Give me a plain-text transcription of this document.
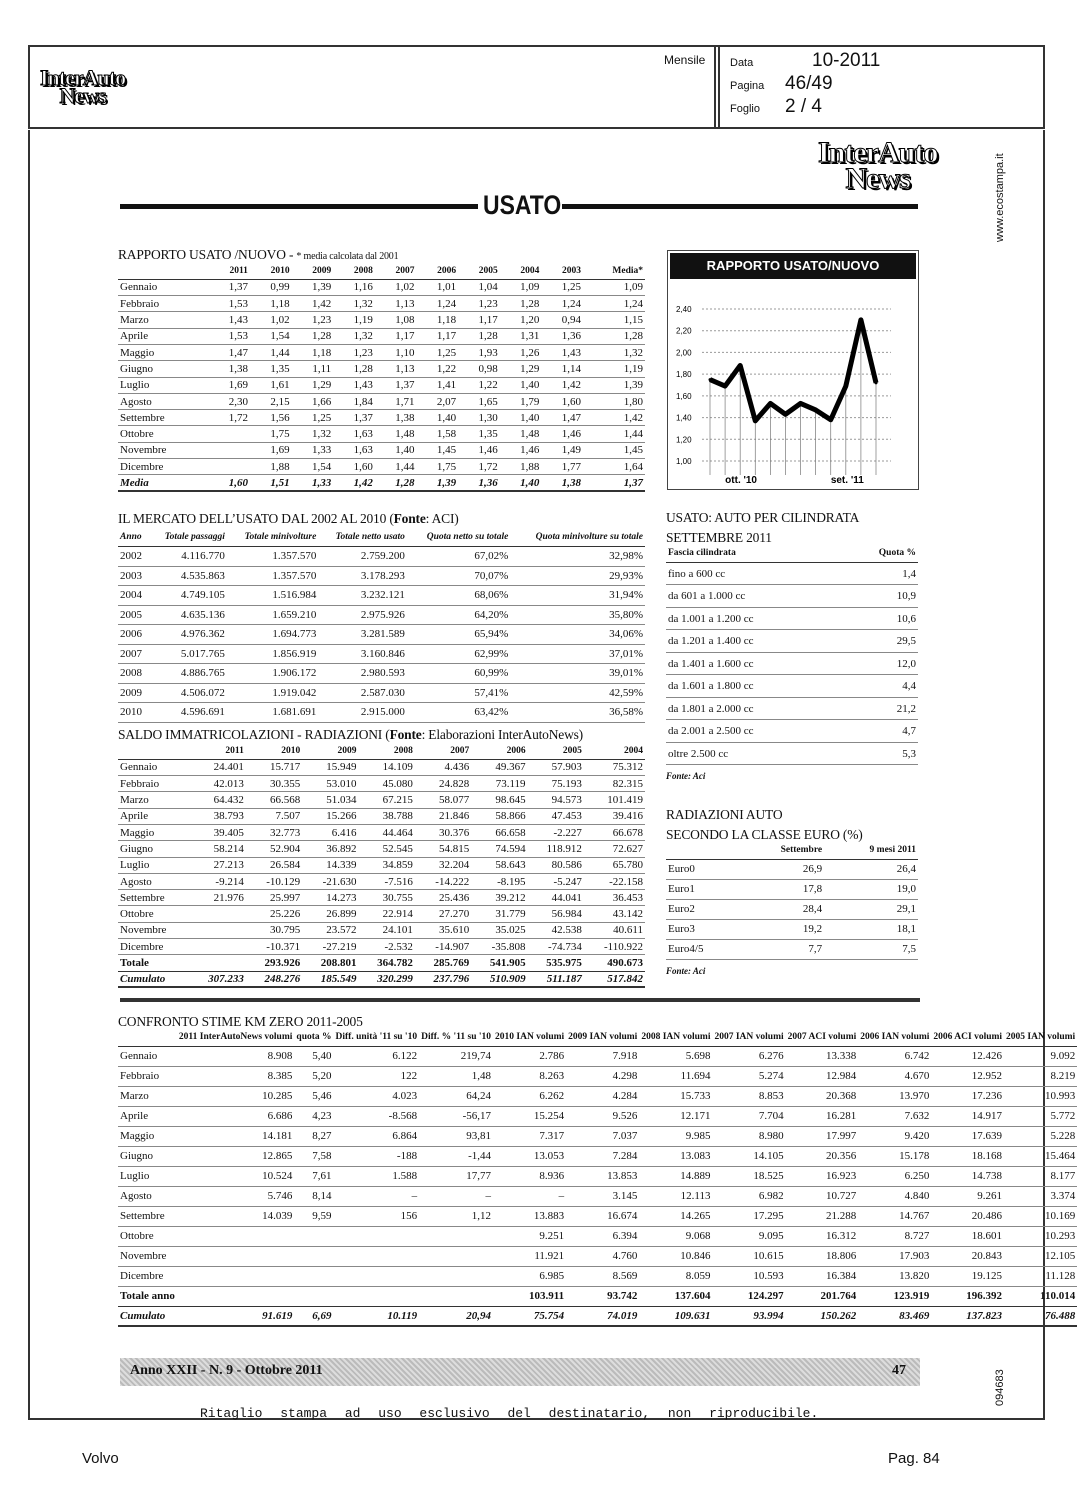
InterAuto
News
Mensile Data	10-2011
Pagina 46/49
Foglio 2 / 4
InterAuto
News
USATO
RAPPORTO USATO /NUOVO - * media calcolata dal 2001
	2011	2010	2009	2008	2007	2006	2005	2004	2003	Media*
Gennaio	1,37	0,99	1,39	1,16	1,02	1,01	1,04	1,09	1,25	1,09
Febbraio	1,53	1,18	1,42	1,32	1,13	1,24	1,23	1,28	1,24	1,24
Marzo	1,43	1,02	1,23	1,19	1,08	1,18	1,17	1,20	0,94	1,15
Aprile	1,53	1,54	1,28	1,32	1,17	1,17	1,28	1,31	1,36	1,28
Maggio	1,47	1,44	1,18	1,23	1,10	1,25	1,93	1,26	1,43	1,32
Giugno	1,38	1,35	1,11	1,28	1,13	1,22	0,98	1,29	1,14	1,19
Luglio	1,69	1,61	1,29	1,43	1,37	1,41	1,22	1,40	1,42	1,39
Agosto	2,30	2,15	1,66	1,84	1,71	2,07	1,65	1,79	1,60	1,80
Settembre	1,72	1,56	1,25	1,37	1,38	1,40	1,30	1,40	1,47	1,42
Ottobre		1,75	1,32	1,63	1,48	1,58	1,35	1,48	1,46	1,44
Novembre		1,69	1,33	1,63	1,40	1,45	1,46	1,46	1,49	1,45
Dicembre		1,88	1,54	1,60	1,44	1,75	1,72	1,88	1,77	1,64
Media	1,60	1,51	1,33	1,42	1,28	1,39	1,36	1,40	1,38	1,37
RAPPORTO USATO/NUOVO
1,00
1,20
1,40
1,60
1,80
2,00
2,20
2,40
ott. '10	set. '11
IL MERCATO DELL’USATO DAL 2002 AL 2010 (Fonte: ACI)
Anno	Totale passaggi	Totale minivolture	Totale netto usato	Quota netto su totale	Quota minivolture su totale
2002	4.116.770	1.357.570	2.759.200	67,02%	32,98%
2003	4.535.863	1.357.570	3.178.293	70,07%	29,93%
2004	4.749.105	1.516.984	3.232.121	68,06%	31,94%
2005	4.635.136	1.659.210	2.975.926	64,20%	35,80%
2006	4.976.362	1.694.773	3.281.589	65,94%	34,06%
2007	5.017.765	1.856.919	3.160.846	62,99%	37,01%
2008	4.886.765	1.906.172	2.980.593	60,99%	39,01%
2009	4.506.072	1.919.042	2.587.030	57,41%	42,59%
2010	4.596.691	1.681.691	2.915.000	63,42%	36,58%
SALDO IMMATRICOLAZIONI - RADIAZIONI (Fonte: Elaborazioni InterAutoNews)
	2011	2010	2009	2008	2007	2006	2005	2004
Gennaio	24.401	15.717	15.949	14.109	4.436	49.367	57.903	75.312
Febbraio	42.013	30.355	53.010	45.080	24.828	73.119	75.193	82.315
Marzo	64.432	66.568	51.034	67.215	58.077	98.645	94.573	101.419
Aprile	38.793	7.507	15.266	38.788	21.846	58.866	47.453	39.416
Maggio	39.405	32.773	6.416	44.464	30.376	66.658	-2.227	66.678
Giugno	58.214	52.904	36.892	52.545	54.815	74.594	118.912	72.627
Luglio	27.213	26.584	14.339	34.859	32.204	58.643	80.586	65.780
Agosto	-9.214	-10.129	-21.630	-7.516	-14.222	-8.195	-5.247	-22.158
Settembre	21.976	25.997	14.273	30.755	25.436	39.212	44.041	36.453
Ottobre		25.226	26.899	22.914	27.270	31.779	56.984	43.142
Novembre		30.795	23.572	24.101	35.610	35.025	42.538	40.611
Dicembre		-10.371	-27.219	-2.532	-14.907	-35.808	-74.734	-110.922
Totale		293.926	208.801	364.782	285.769	541.905	535.975	490.673
Cumulato	307.233	248.276	185.549	320.299	237.796	510.909	511.187	517.842
USATO: AUTO PER CILINDRATA
SETTEMBRE 2011
Fascia cilindrata	Quota %
fino a 600 cc	1,4
da 601 a 1.000 cc	10,9
da 1.001 a 1.200 cc	10,6
da 1.201 a 1.400 cc	29,5
da 1.401 a 1.600 cc	12,0
da 1.601 a 1.800 cc	4,4
da 1.801 a 2.000 cc	21,2
da 2.001 a 2.500 cc	4,7
oltre 2.500 cc	5,3
Fonte: Aci
RADIAZIONI AUTO
SECONDO LA CLASSE EURO (%)
	Settembre	9 mesi 2011
Euro0	26,9	26,4
Euro1	17,8	19,0
Euro2	28,4	29,1
Euro3	19,2	18,1
Euro4/5	7,7	7,5
Fonte: Aci
CONFRONTO STIME KM ZERO 2011-2005
	2011 InterAutoNews volumi	quota %	Diff. unità '11 su '10	Diff. % '11 su '10	2010 IAN volumi	2009 IAN volumi	2008 IAN volumi	2007 IAN volumi	2007 ACI volumi	2006 IAN volumi	2006 ACI volumi	2005 IAN volumi
Gennaio	8.908	5,40	6.122	219,74	2.786	7.918	5.698	6.276	13.338	6.742	12.426	9.092
Febbraio	8.385	5,20	122	1,48	8.263	4.298	11.694	5.274	12.984	4.670	12.952	8.219
Marzo	10.285	5,46	4.023	64,24	6.262	4.284	15.733	8.853	20.368	13.970	17.236	10.993
Aprile	6.686	4,23	-8.568	-56,17	15.254	9.526	12.171	7.704	16.281	7.632	14.917	5.772
Maggio	14.181	8,27	6.864	93,81	7.317	7.037	9.985	8.980	17.997	9.420	17.639	5.228
Giugno	12.865	7,58	-188	-1,44	13.053	7.284	13.083	14.105	20.356	15.178	18.168	15.464
Luglio	10.524	7,61	1.588	17,77	8.936	13.853	14.889	18.525	16.923	6.250	14.738	8.177
Agosto	5.746	8,14	–	–	–	3.145	12.113	6.982	10.727	4.840	9.261	3.374
Settembre	14.039	9,59	156	1,12	13.883	16.674	14.265	17.295	21.288	14.767	20.486	10.169
Ottobre					9.251	6.394	9.068	9.095	16.312	8.727	18.601	10.293
Novembre					11.921	4.760	10.846	10.615	18.806	17.903	20.843	12.105
Dicembre					6.985	8.569	8.059	10.593	16.384	13.820	19.125	11.128
Totale anno					103.911	93.742	137.604	124.297	201.764	123.919	196.392	110.014
Cumulato	91.619	6,69	10.119	20,94	75.754	74.019	109.631	93.994	150.262	83.469	137.823	76.488
Anno XXII - N. 9 - Ottobre 2011	47
Ritaglio stampa ad uso esclusivo del destinatario, non riproducibile.
Volvo	Pag. 84
www.ecostampa.it
094683
